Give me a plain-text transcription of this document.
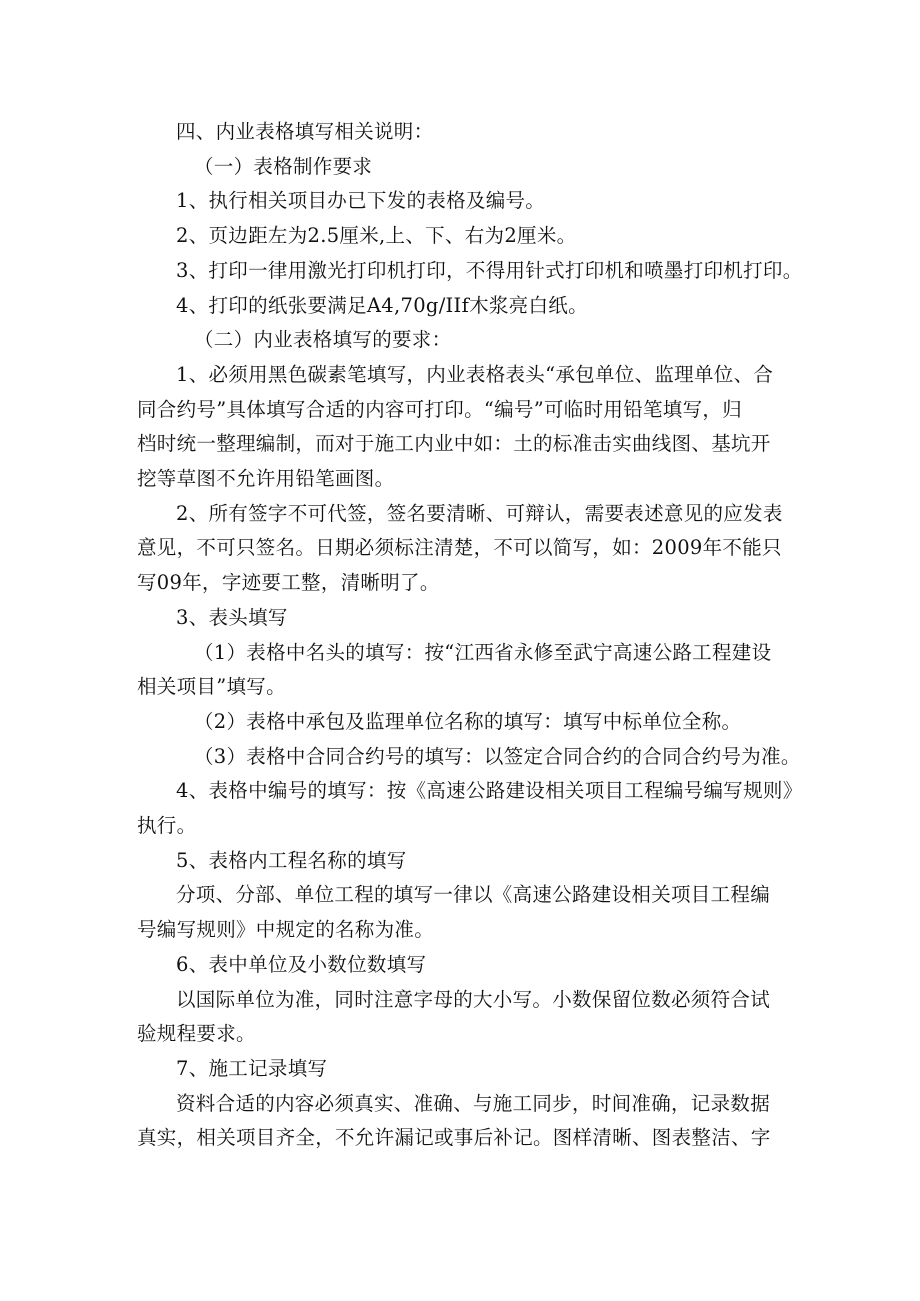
四、内业表格填写相关说明：

（一）表格制作要求

1、执行相关项目办已下发的表格及编号。

2、页边距左为2.5厘米,上、下、右为2厘米。

3、打印一律用激光打印机打印，不得用针式打印机和喷墨打印机打印。

4、打印的纸张要满足A4,70g/IIf木浆亮白纸。

（二）内业表格填写的要求：

1、必须用黑色碳素笔填写，内业表格表头“承包单位、监理单位、合

同合约号”具体填写合适的内容可打印。“编号”可临时用铅笔填写，归

档时统一整理编制，而对于施工内业中如：土的标准击实曲线图、基坑开

挖等草图不允许用铅笔画图。

2、所有签字不可代签，签名要清晰、可辩认，需要表述意见的应发表

意见，不可只签名。日期必须标注清楚，不可以简写，如：2009年不能只

写09年，字迹要工整，清晰明了。

3、表头填写

（1）表格中名头的填写：按“江西省永修至武宁高速公路工程建设

相关项目”填写。

（2）表格中承包及监理单位名称的填写：填写中标单位全称。

（3）表格中合同合约号的填写：以签定合同合约的合同合约号为准。

4、表格中编号的填写：按《高速公路建设相关项目工程编号编写规则》

执行。

5、表格内工程名称的填写

分项、分部、单位工程的填写一律以《高速公路建设相关项目工程编

号编写规则》中规定的名称为准。

6、表中单位及小数位数填写

以国际单位为准，同时注意字母的大小写。小数保留位数必须符合试

验规程要求。

7、施工记录填写

资料合适的内容必须真实、准确、与施工同步，时间准确，记录数据

真实，相关项目齐全，不允许漏记或事后补记。图样清晰、图表整洁、字
